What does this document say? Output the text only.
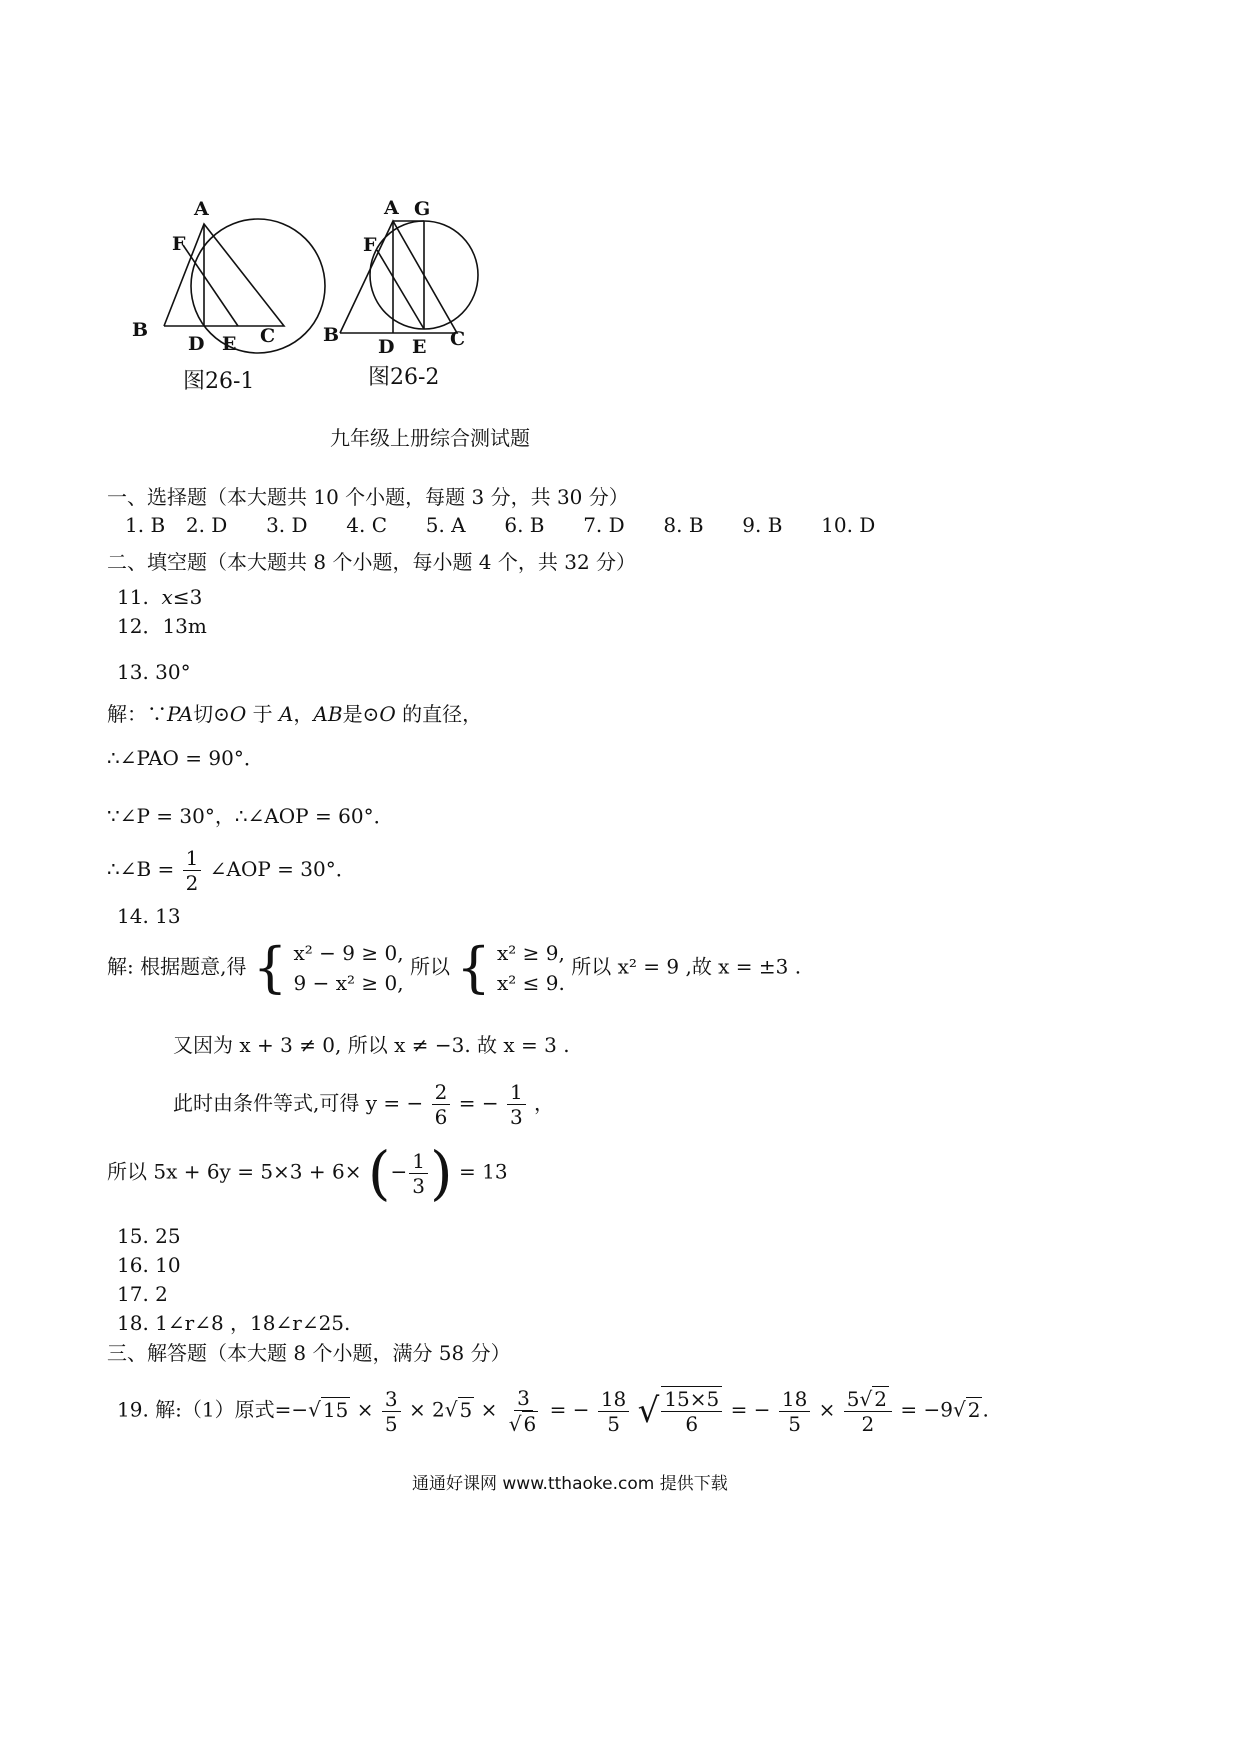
A
F
B
D E C
图26-1
A G
F
B
D E C
图26-2
九年级上册综合测试题
一、选择题（本大题共 10 个小题，每题 3 分，共 30 分）
1. B 2. D 3. D 4. C 5. A 6. B 7. D 8. B 9. B 10. D
二、填空题（本大题共 8 个小题，每小题 4 个，共 32 分）
11. x≤3
12．13m
13. 30°
解：∵PA切⊙O 于 A，AB是⊙O 的直径，
∴∠PAO = 90°．
∵∠P = 30°，∴∠AOP = 60°．
∴∠B = $\frac{1}{2}$ ∠AOP = 30°．
14. 13
解: 根据题意,得 { x² − 9 ≥ 0,
9 − x² ≥ 0,
所以 { x² ≥ 9,
x² ≤ 9.
所以 x² = 9 ,故 x = ±3 .
又因为 x + 3 ≠ 0, 所以 x ≠ −3. 故 x = 3 .
此时由条件等式,可得 y = − $\frac{2}{6}$ = − $\frac{1}{3}$ ，
所以 5x + 6y = 5×3 + 6× (− $\frac{1}{3}$ ) = 13
15. 25
16. 10
17. 2
18. 1∠r∠8 ，18∠r∠25.
三、解答题（本大题 8 个小题，满分 58 分）
19. 解:（1）原式=−√ $15 \times \frac{3}{5} \times 2√$ $5 \times \frac{3}{√ 6}$ = − $\frac{18}{5}$ √ $\frac{15\times 5}{6}$ = − $\frac{18}{5} \times \frac{5√ 2}{2} = -9√$ 2 .
通通好课网 www.tthaoke.com 提供下载
